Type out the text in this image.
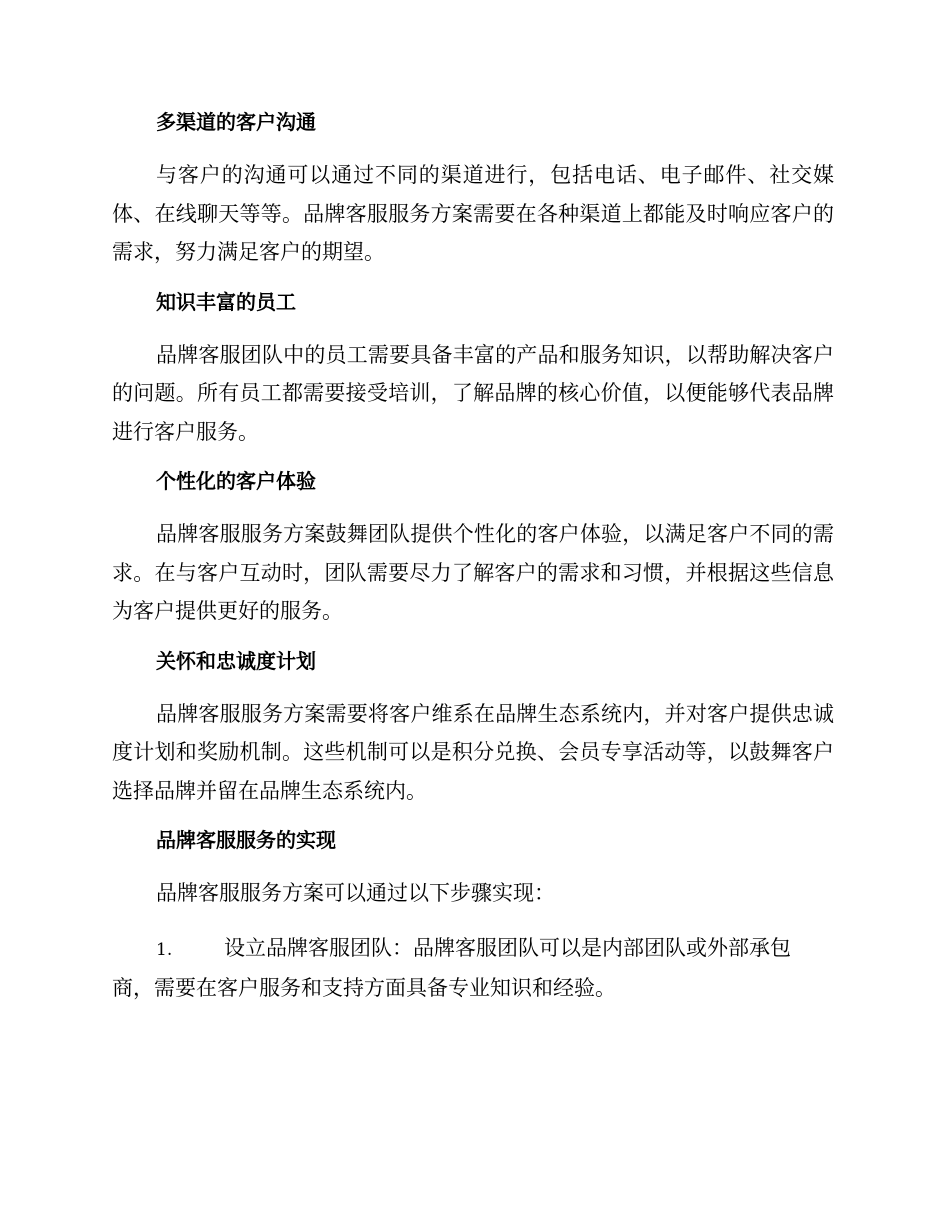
多渠道的客户沟通

与客户的沟通可以通过不同的渠道进行，包括电话、电子邮件、社交媒体、在线聊天等等。品牌客服服务方案需要在各种渠道上都能及时响应客户的需求，努力满足客户的期望。

知识丰富的员工

品牌客服团队中的员工需要具备丰富的产品和服务知识，以帮助解决客户的问题。所有员工都需要接受培训，了解品牌的核心价值，以便能够代表品牌进行客户服务。

个性化的客户体验

品牌客服服务方案鼓舞团队提供个性化的客户体验，以满足客户不同的需求。在与客户互动时，团队需要尽力了解客户的需求和习惯，并根据这些信息为客户提供更好的服务。

关怀和忠诚度计划

品牌客服服务方案需要将客户维系在品牌生态系统内，并对客户提供忠诚度计划和奖励机制。这些机制可以是积分兑换、会员专享活动等，以鼓舞客户选择品牌并留在品牌生态系统内。

品牌客服服务的实现

品牌客服服务方案可以通过以下步骤实现：

1. 设立品牌客服团队：品牌客服团队可以是内部团队或外部承包
商，需要在客户服务和支持方面具备专业知识和经验。
